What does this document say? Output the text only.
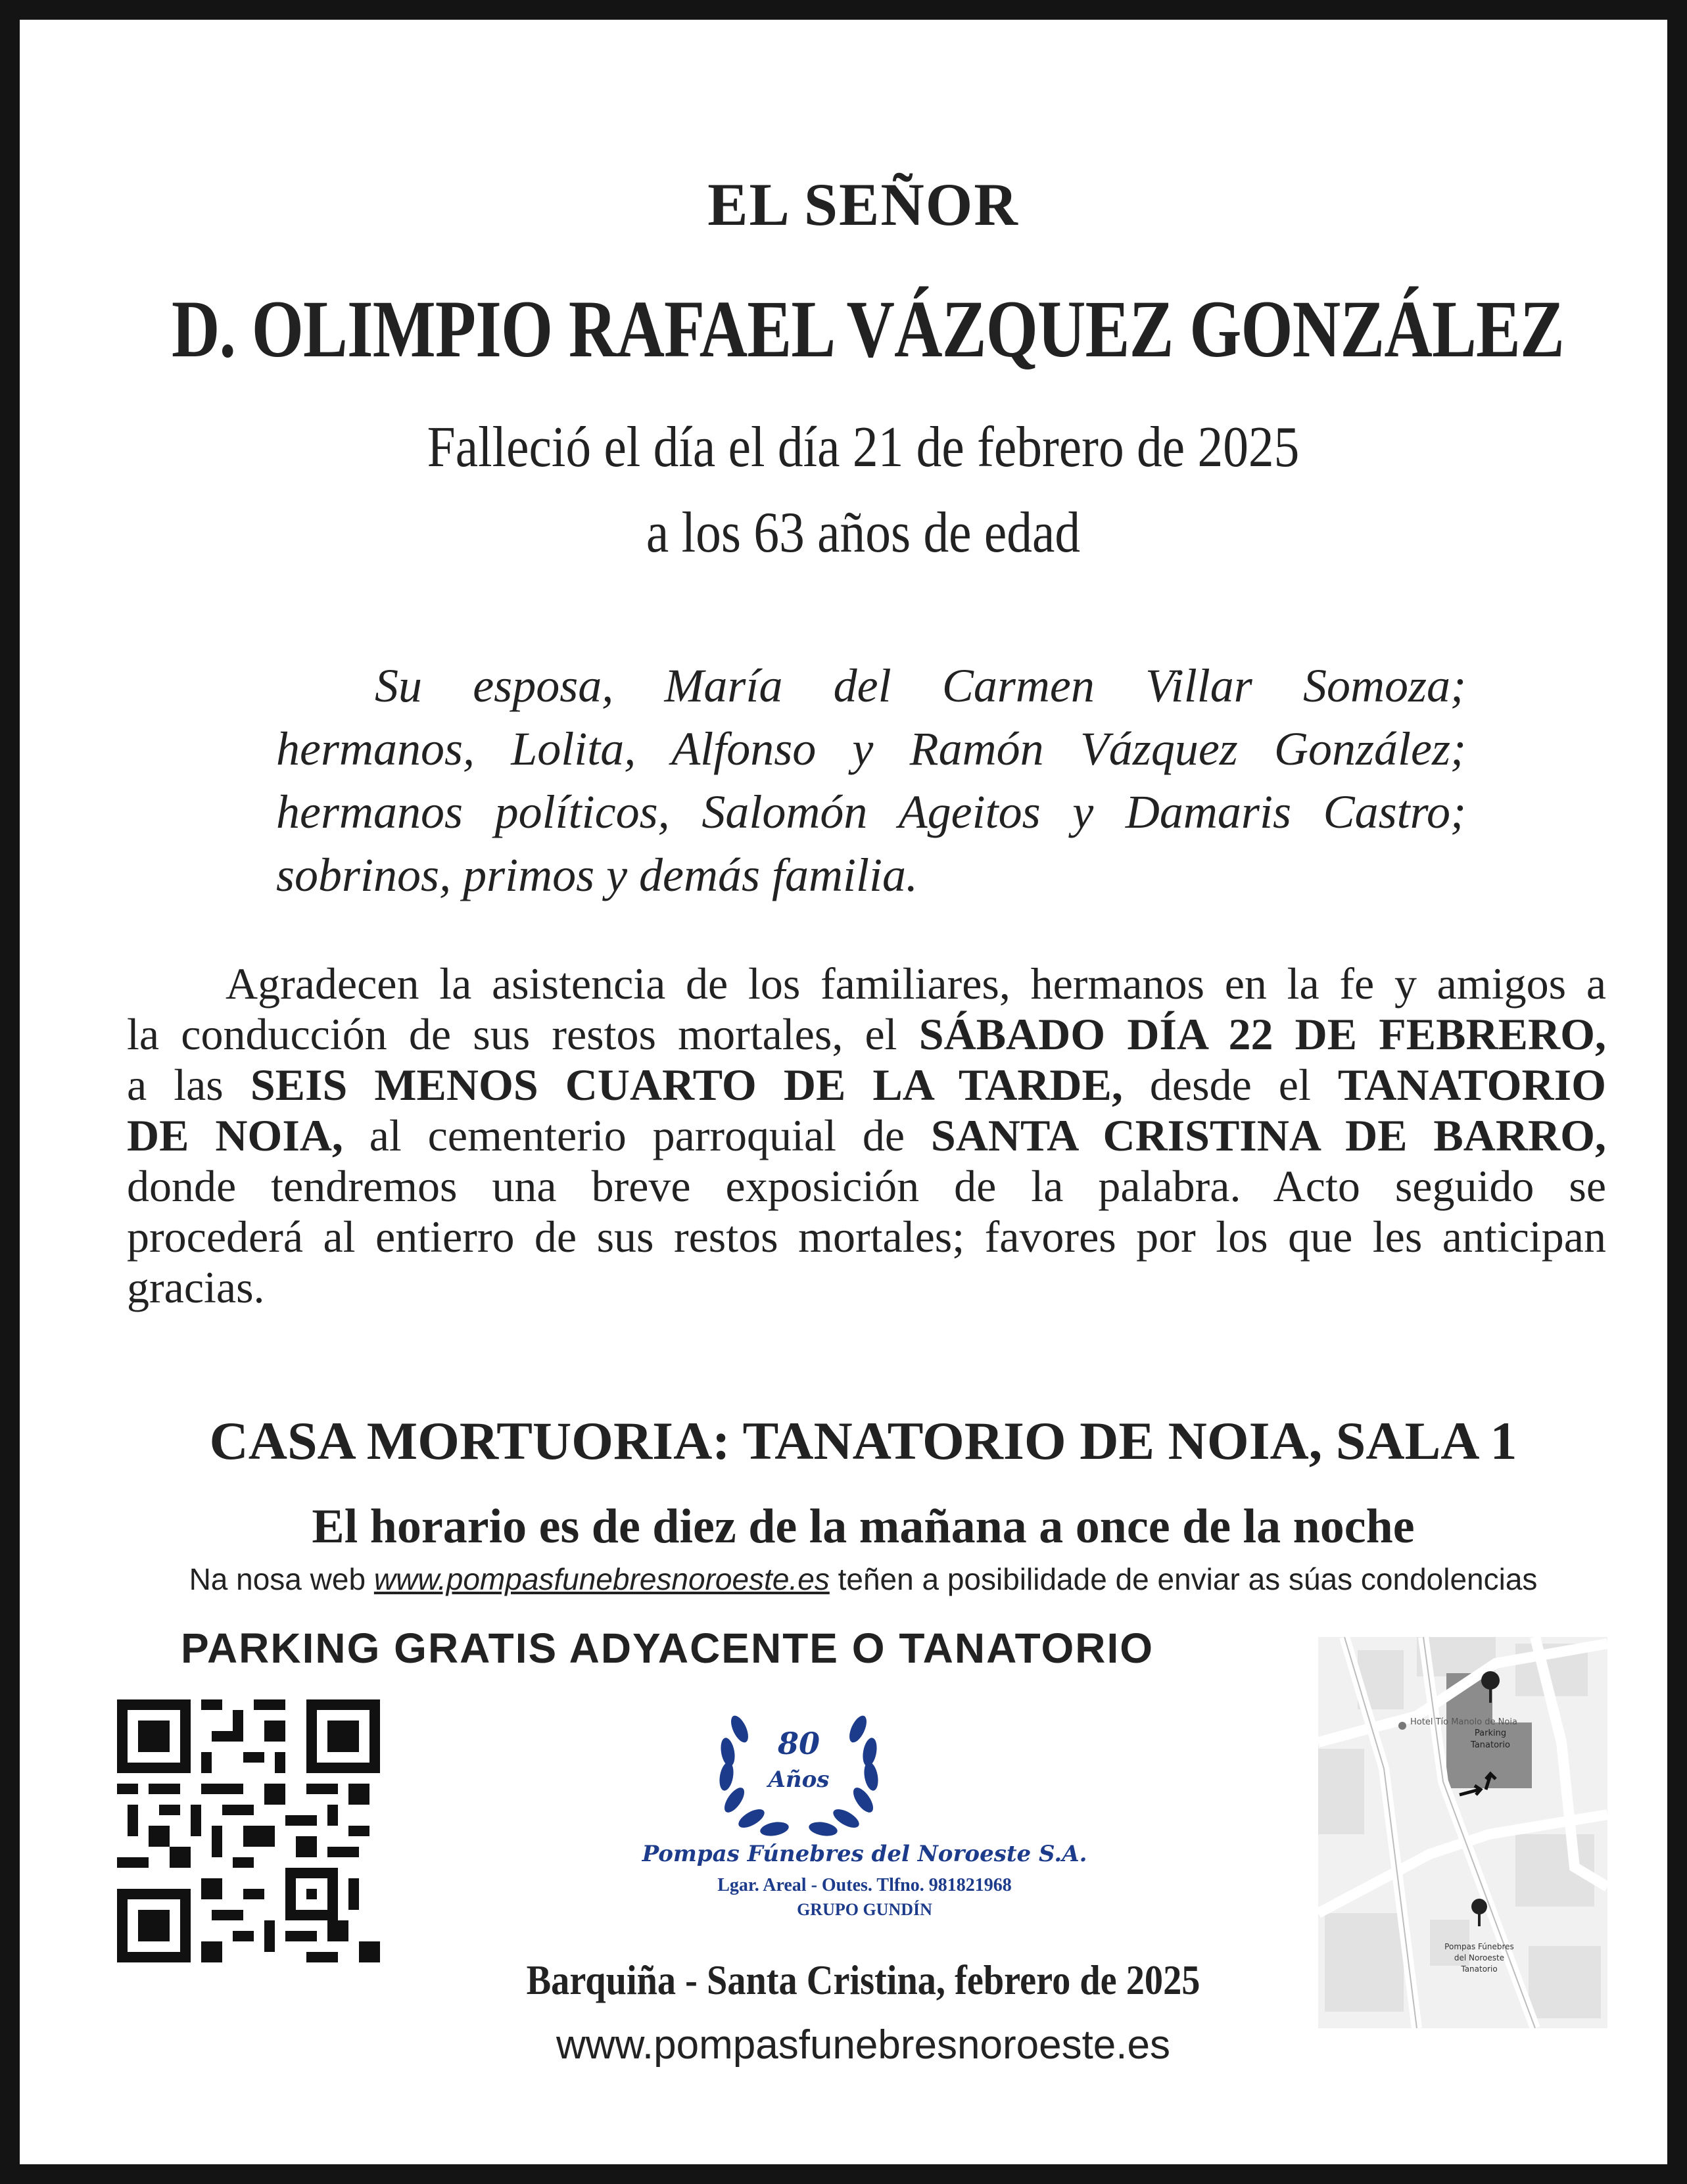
EL SEÑOR
D. OLIMPIO RAFAEL VÁZQUEZ GONZÁLEZ
Falleció el día el día 21 de febrero de 2025
a los 63 años de edad
Su esposa, María del Carmen Villar Somoza;
hermanos, Lolita, Alfonso y Ramón Vázquez González;
hermanos políticos, Salomón Ageitos y Damaris Castro;
sobrinos, primos y demás familia.
Agradecen la asistencia de los familiares, hermanos en la fe y amigos a
la conducción de sus restos mortales, el SÁBADO DÍA 22 DE FEBRERO,
a las SEIS MENOS CUARTO DE LA TARDE, desde el TANATORIO
DE NOIA, al cementerio parroquial de SANTA CRISTINA DE BARRO,
donde tendremos una breve exposición de la palabra. Acto seguido se
procederá al entierro de sus restos mortales; favores por los que les anticipan
gracias.
CASA MORTUORIA: TANATORIO DE NOIA, SALA 1
El horario es de diez de la mañana a once de la noche
Na nosa web www.pompasfunebresnoroeste.es teñen a posibilidade de enviar as súas condolencias
PARKING GRATIS ADYACENTE O TANATORIO
80
Años
Pompas Fúnebres del Noroeste S.A.
Lgar. Areal - Outes. Tlfno. 981821968
GRUPO GUNDÍN
Hotel Tío Manolo de Noia
Parking
Tanatorio
Pompas Fúnebres
del Noroeste
Tanatorio
Barquiña - Santa Cristina, febrero de 2025
www.pompasfunebresnoroeste.es
